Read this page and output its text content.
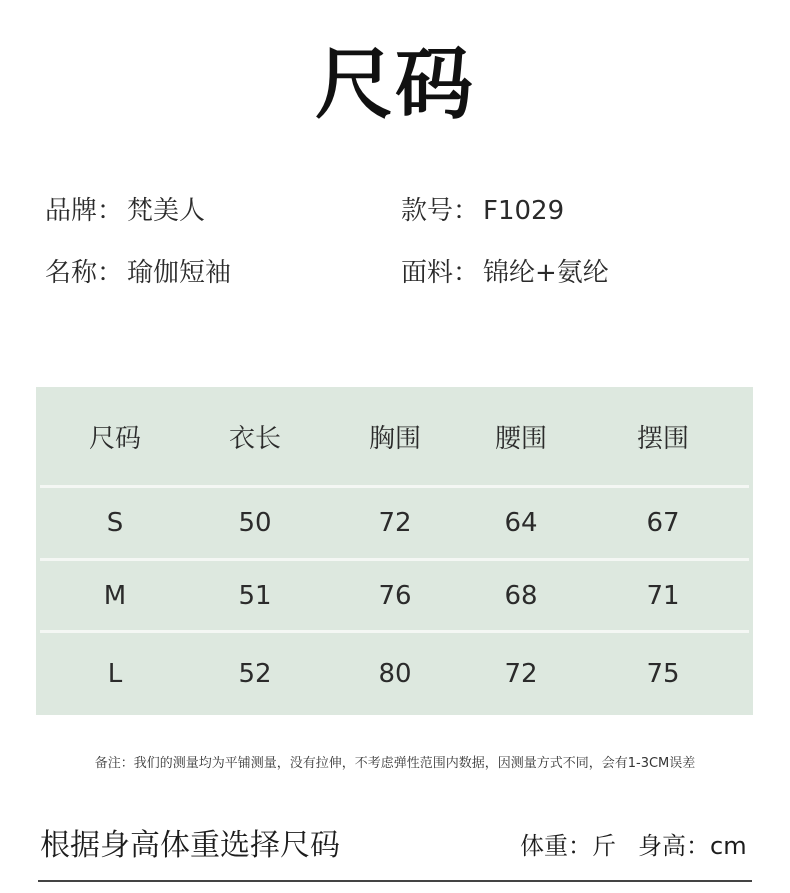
尺码
品牌： 梵美人	款号： F1029
名称： 瑜伽短袖	面料： 锦纶+氨纶
尺码	衣长	胸围	腰围	摆围
S	50	72	64	67
M	51	76	68	71
L	52	80	72	75
备注：我们的测量均为平铺测量，没有拉伸，不考虑弹性范围内数据，因测量方式不同，会有1-3CM误差
根据身高体重选择尺码	体重：斤 身高：cm
